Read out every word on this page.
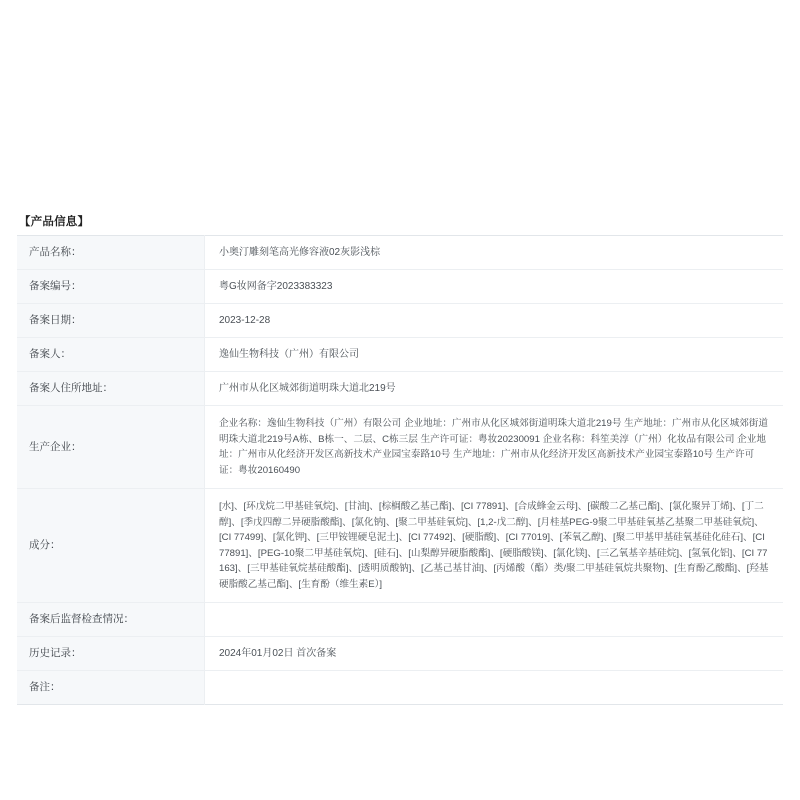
【产品信息】
产品名称：	小奥汀雕刻笔高光修容液02灰影浅棕
备案编号：	粤G妆网备字2023383323
备案日期：	2023-12-28
备案人：	逸仙生物科技（广州）有限公司
备案人住所地址：	广州市从化区城郊街道明珠大道北219号
生产企业：	企业名称：逸仙生物科技（广州）有限公司 企业地址：广州市从化区城郊街道明珠大道北219号 生产地址：广州市从化区城郊街道明珠大道北219号A栋、B栋一、二层、C栋三层 生产许可证：粤妆20230091 企业名称：科笙美淳（广州）化妆品有限公司 企业地址：广州市从化经济开发区高新技术产业园宝泰路10号 生产地址：广州市从化经济开发区高新技术产业园宝泰路10号 生产许可证：粤妆20160490
成分：	[水]、[环戊烷二甲基硅氧烷]、[甘油]、[棕榈酸乙基己酯]、[CI 77891]、[合成蜂金云母]、[碳酸二乙基己酯]、[氯化聚异丁烯]、[丁二醇]、[季戊四醇二异硬脂酸酯]、[氯化钠]、[聚二甲基硅氧烷]、[1,2-戊二醇]、[月桂基PEG-9聚二甲基硅氧基乙基聚二甲基硅氧烷]、[CI 77499]、[氯化钾]、[三甲铵锂硬皂泥土]、[CI 77492]、[硬脂酸]、[CI 77019]、[苯氧乙醇]、[聚二甲基甲基硅氧基硅化硅石]、[CI 77891]、[PEG-10聚二甲基硅氧烷]、[硅石]、[山梨醇异硬脂酸酯]、[硬脂酸镁]、[氯化镁]、[三乙氧基辛基硅烷]、[氢氧化铝]、[CI 77163]、[三甲基硅氧烷基硅酸酯]、[透明质酸钠]、[乙基己基甘油]、[丙烯酸（酯）类/聚二甲基硅氧烷共聚物]、[生育酚乙酸酯]、[羟基硬脂酸乙基己酯]、[生育酚（维生素E）]
备案后监督检查情况：	
历史记录：	2024年01月02日 首次备案
备注：	
